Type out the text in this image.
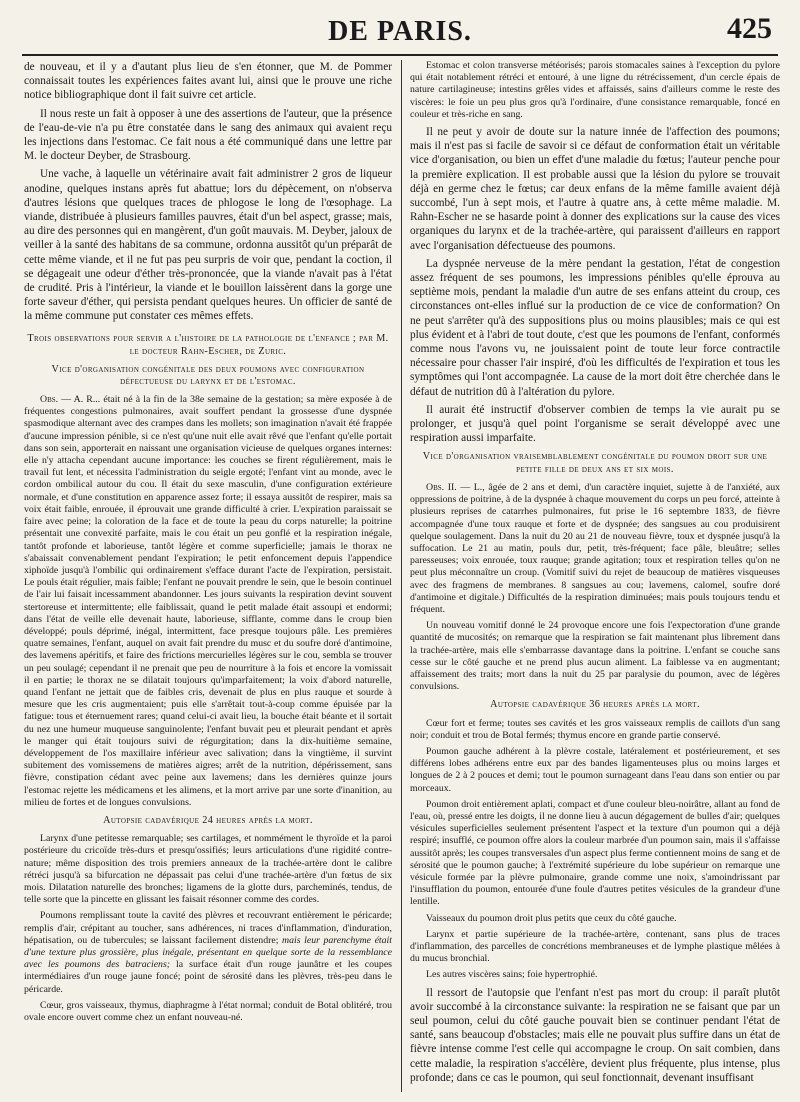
DE PARIS.	425

de nouveau, et il y a d'autant plus lieu de s'en étonner, que M. de Pommer connaissait toutes les expériences faites avant lui, ainsi que le prouve une riche notice bibliographique dont il fait suivre cet article.

Il nous reste un fait à opposer à une des assertions de l'auteur, que la présence de l'eau-de-vie n'a pu être constatée dans le sang des animaux qui avaient reçu les injections dans l'estomac. Ce fait nous a été communiqué dans une lettre par M. le docteur Deyber, de Strasbourg.

Une vache, à laquelle un vétérinaire avait fait administrer 2 gros de liqueur anodine, quelques instans après fut abattue; lors du dépècement, on n'observa d'autres lésions que quelques traces de phlogose le long de l'œsophage. La viande, distribuée à plusieurs familles pauvres, était d'un bel aspect, grasse; mais, au dire des personnes qui en mangèrent, d'un goût mauvais. M. Deyber, jaloux de veiller à la santé des habitans de sa commune, ordonna aussitôt qu'un préparât de cette même viande, et il ne fut pas peu surpris de voir que, pendant la coction, il se dégageait une odeur d'éther très-prononcée, que la viande n'avait pas à l'état de crudité. Pris à l'intérieur, la viande et le bouillon laissèrent dans la gorge une forte saveur d'éther, qui persista pendant quelques heures. Un officier de santé de la même commune put constater ces mêmes effets.

Trois observations pour servir a l'histoire de la pathologie de l'enfance ; par M. le docteur Rahn-Escher, de Zuric.
Vice d'organisation congénitale des deux poumons avec configuration défectueuse du larynx et de l'estomac.

Obs. — A. R... était né à la fin de la 38e semaine de la gestation; sa mère exposée à de fréquentes congestions pulmonaires, avait souffert pendant la grossesse d'une dyspnée spasmodique alternant avec des crampes dans les mollets; son imagination n'avait été frappée d'aucune impression pénible, si ce n'est qu'une nuit elle avait rêvé que l'enfant qu'elle portait dans son sein, apporterait en naissant une organisation vicieuse de quelques organes internes: elle n'y attacha cependant aucune importance: les couches se firent régulièrement, mais le travail fut lent, et nécessita l'administration du seigle ergoté; l'enfant vint au monde, avec le cordon ombilical autour du cou. Il était du sexe masculin, d'une configuration extérieure normale, et d'une constitution en apparence assez forte; il essaya aussitôt de respirer, mais sa voix était faible, enrouée, il éprouvait une grande difficulté à crier. L'expiration paraissait se faire avec peine; la coloration de la face et de toute la peau du corps naturelle; la poitrine présentait une convexité parfaite, mais le cou était un peu gonflé et la respiration inégale, tantôt profonde et laborieuse, tantôt légère et comme superficielle; jamais le thorax ne s'abaissait convenablement pendant l'expiration; le petit enfoncement depuis l'appendice xiphoïde jusqu'à l'ombilic qui ordinairement s'efface durant l'acte de l'expiration, persistait. Le pouls était régulier, mais faible; l'enfant ne pouvait prendre le sein, que le besoin continuel de l'air lui faisait incessamment abandonner. Les jours suivants la respiration devint souvent stertoreuse et intermittente; elle faiblissait, quand le petit malade était assoupi et endormi; dans l'état de veille elle devenait haute, laborieuse, sifflante, comme dans le croup bien développé; pouls déprimé, inégal, intermittent, face presque toujours pâle. Les premières quatre semaines, l'enfant, auquel on avait fait prendre du musc et du soufre doré d'antimoine, des lavemens apéritifs, et faire des frictions mercurielles légères sur le cou, sembla se trouver un peu soulagé; cependant il ne prenait que peu de nourriture à la fois et encore la vomissait il en partie; le thorax ne se dilatait toujours qu'imparfaitement; la voix d'abord naturelle, quand l'enfant ne jettait que de faibles cris, devenait de plus en plus rauque et sourde à mesure que les cris augmentaient; puis elle s'arrêtait tout-à-coup comme épuisée par la fatigue: tous et éternuement rares; quand celui-ci avait lieu, la bouche était béante et il sortait du nez une humeur muqueuse sanguinolente; l'enfant buvait peu et pleurait pendant et après le manger qui était toujours suivi de régurgitation; dans la dix-huitième semaine, développement de l'os maxillaire inférieur avec salivation; dans la vingtième, il survint subitement des vomissemens de matières aigres; arrêt de la nutrition, dépérissement, sans fièvre, constipation cédant avec peine aux lavemens; dans les dernières quinze jours l'estomac rejette les médicamens et les alimens, et la mort arrive par une sorte d'inanition, au milieu de fortes et de longues convulsions.

Autopsie cadavérique 24 heures après la mort.

Larynx d'une petitesse remarquable; ses cartilages, et nommément le thyroïde et la paroi postérieure du cricoïde très-durs et presqu'ossifiés; leurs articulations d'une rigidité contre-nature; même disposition des trois premiers anneaux de la trachée-artère dont le calibre rétréci jusqu'à sa bifurcation ne dépassait pas celui d'une trachée-artère d'un fœtus de six mois. Dilatation naturelle des bronches; ligamens de la glotte durs, parcheminés, tendus, de telle sorte que la pincette en glissant les faisait résonner comme des cordes.

Poumons remplissant toute la cavité des plèvres et recouvrant entièrement le péricarde; remplis d'air, crépitant au toucher, sans adhérences, ni traces d'inflammation, d'induration, hépatisation, ou de tubercules; se laissant facilement distendre; mais leur parenchyme était d'une texture plus grossière, plus inégale, présentant en quelque sorte de la ressemblance avec les poumons des batraciens; la surface était d'un rouge jaunâtre et les coupes intermédiaires d'un rouge jaune foncé; point de sérosité dans les plèvres, très-peu dans le péricarde.

Cœur, gros vaisseaux, thymus, diaphragme à l'état normal; conduit de Botal oblitéré, trou ovale encore ouvert comme chez un enfant nouveau-né.

Estomac et colon transverse météorisés; parois stomacales saines à l'exception du pylore qui était notablement rétréci et entouré, à une ligne du rétrécissement, d'un cercle épais de nature cartilagineuse; intestins grêles vides et affaissés, sains d'ailleurs comme le reste des viscères: le foie un peu plus gros qu'à l'ordinaire, d'une consistance remarquable, foncé en couleur et très-riche en sang.

Il ne peut y avoir de doute sur la nature innée de l'affection des poumons; mais il n'est pas si facile de savoir si ce défaut de conformation était un véritable vice d'organisation, ou bien un effet d'une maladie du fœtus; l'auteur penche pour la première explication. Il est probable aussi que la lésion du pylore se trouvait déjà en germe chez le fœtus; car deux enfans de la même famille avaient déjà succombé, l'un à sept mois, et l'autre à quatre ans, à cette même maladie. M. Rahn-Escher ne se hasarde point à donner des explications sur la cause des vices organiques du larynx et de la trachée-artère, qui paraissent d'ailleurs en rapport avec l'organisation défectueuse des poumons.

La dyspnée nerveuse de la mère pendant la gestation, l'état de congestion assez fréquent de ses poumons, les impressions pénibles qu'elle éprouva au septième mois, pendant la maladie d'un autre de ses enfans atteint du croup, ces circonstances ont-elles influé sur la production de ce vice de conformation? On ne peut s'arrêter qu'à des suppositions plus ou moins plausibles; mais ce qui est plus évident et à l'abri de tout doute, c'est que les poumons de l'enfant, conformés comme nous l'avons vu, ne jouissaient point de toute leur force contractile nécessaire pour chasser l'air inspiré, d'où les difficultés de l'expiration et tous les symptômes qui l'ont accompagnée. La cause de la mort doit être cherchée dans le défaut de nutrition dû à l'altération du pylore.

Il aurait été instructif d'observer combien de temps la vie aurait pu se prolonger, et jusqu'à quel point l'organisme se serait développé avec une respiration aussi imparfaite.

Vice d'organisation vraisemblablement congénitale du poumon droit sur une petite fille de deux ans et six mois.

Obs. II. — L., âgée de 2 ans et demi, d'un caractère inquiet, sujette à de l'anxiété, aux oppressions de poitrine, à de la dyspnée à chaque mouvement du corps un peu forcé, atteinte à plusieurs reprises de catarrhes pulmonaires, fut prise le 16 septembre 1833, de fièvre accompagnée d'une toux rauque et forte et de dyspnée; des sangsues au cou produisirent quelque soulagement. Dans la nuit du 20 au 21 de nouveau fièvre, toux et dyspnée jusqu'à la suffocation. Le 21 au matin, pouls dur, petit, très-fréquent; face pâle, bleuâtre; selles paresseuses; voix enrouée, toux rauque; grande agitation; toux et respiration telles qu'on ne peut plus méconnaître un croup. (Vomitif suivi du rejet de beaucoup de matières visqueuses avec des fragmens de membranes. 8 sangsues au cou; lavemens, calomel, soufre doré d'antimoine et digitale.) Difficultés de la respiration diminuées; mais pouls toujours tendu et fréquent.

Un nouveau vomitif donné le 24 provoque encore une fois l'expectoration d'une grande quantité de mucosités; on remarque que la respiration se fait maintenant plus librement dans la trachée-artère, mais elle s'embarrasse davantage dans la poitrine. L'enfant se couche sans cesse sur le côté gauche et ne prend plus aucun aliment. La faiblesse va en augmentant; affaissement des traits; mort dans la nuit du 25 par paralysie du poumon, avec de légères convulsions.

Autopsie cadavérique 36 heures après la mort.

Cœur fort et ferme; toutes ses cavités et les gros vaisseaux remplis de caillots d'un sang noir; conduit et trou de Botal fermés; thymus encore en grande partie conservé.

Poumon gauche adhérent à la plèvre costale, latéralement et postérieurement, et ses différens lobes adhérens entre eux par des bandes ligamenteuses plus ou moins larges et longues de 2 à 2 pouces et demi; tout le poumon surnageant dans l'eau dans son entier ou par morceaux.

Poumon droit entièrement aplati, compact et d'une couleur bleu-noirâtre, allant au fond de l'eau, où, pressé entre les doigts, il ne donne lieu à aucun dégagement de bulles d'air; quelques vésicules superficielles seulement présentent l'aspect et la texture d'un poumon qui a déjà respiré; insufflé, ce poumon offre alors la couleur marbrée d'un poumon sain, mais il s'affaisse aussitôt après; les coupes transversales d'un aspect plus ferme contiennent moins de sang et de sérosité que le poumon gauche; à l'extrémité supérieure du lobe supérieur on remarque une vésicule formée par la plèvre pulmonaire, grande comme une noix, s'amoindrissant par l'insufflation du poumon, entourée d'une foule d'autres petites vésicules de la grandeur d'une lentille.

Vaisseaux du poumon droit plus petits que ceux du côté gauche.

Larynx et partie supérieure de la trachée-artère, contenant, sans plus de traces d'inflammation, des parcelles de concrétions membraneuses et de lymphe plastique mêlées à du mucus bronchial.

Les autres viscères sains; foie hypertrophié.

Il ressort de l'autopsie que l'enfant n'est pas mort du croup: il paraît plutôt avoir succombé à la circonstance suivante: la respiration ne se faisant que par un seul poumon, celui du côté gauche pouvait bien se continuer pendant l'état de santé, sans beaucoup d'obstacles; mais elle ne pouvait plus suffire dans un état de fièvre intense comme l'est celle qui accompagne le croup. On sait combien, dans cette maladie, la respiration s'accélère, devient plus fréquente, plus intense, plus profonde; dans ce cas le poumon, qui seul fonctionnait, devenant insuffisant
